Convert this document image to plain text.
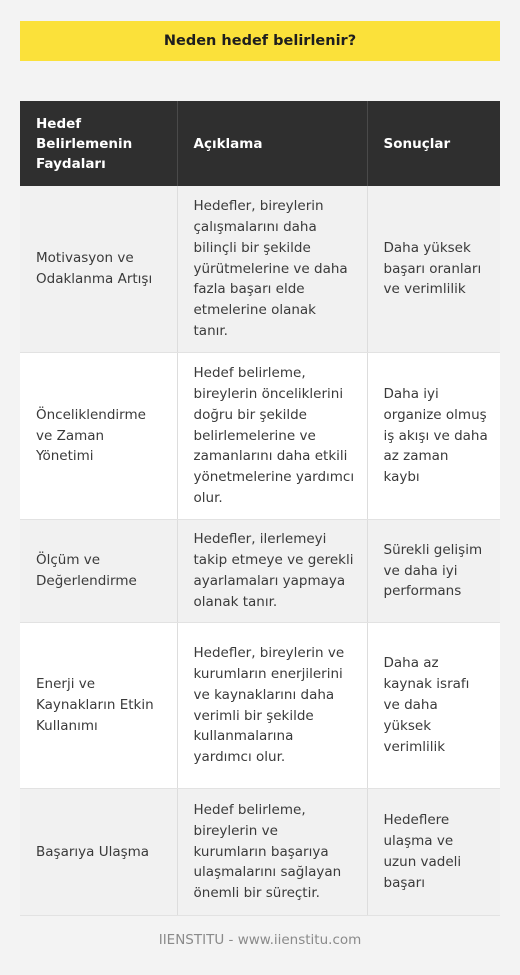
Neden hedef belirlenir?
Hedef Belirlemenin Faydaları	Açıklama	Sonuçlar
Motivasyon ve Odaklanma Artışı	Hedefler, bireylerin çalışmalarını daha bilinçli bir şekilde yürütmelerine ve daha fazla başarı elde etmelerine olanak tanır.	Daha yüksek başarı oranları ve verimlilik
Önceliklendirme ve Zaman Yönetimi	Hedef belirleme, bireylerin önceliklerini doğru bir şekilde belirlemelerine ve zamanlarını daha etkili yönetmelerine yardımcı olur.	Daha iyi organize olmuş iş akışı ve daha az zaman kaybı
Ölçüm ve Değerlendirme	Hedefler, ilerlemeyi takip etmeye ve gerekli ayarlamaları yapmaya olanak tanır.	Sürekli gelişim ve daha iyi performans
Enerji ve Kaynakların Etkin Kullanımı	Hedefler, bireylerin ve kurumların enerjilerini ve kaynaklarını daha verimli bir şekilde kullanmalarına yardımcı olur.	Daha az kaynak israfı ve daha yüksek verimlilik
Başarıya Ulaşma	Hedef belirleme, bireylerin ve kurumların başarıya ulaşmalarını sağlayan önemli bir süreçtir.	Hedeflere ulaşma ve uzun vadeli başarı
IIENSTITU - www.iienstitu.com
